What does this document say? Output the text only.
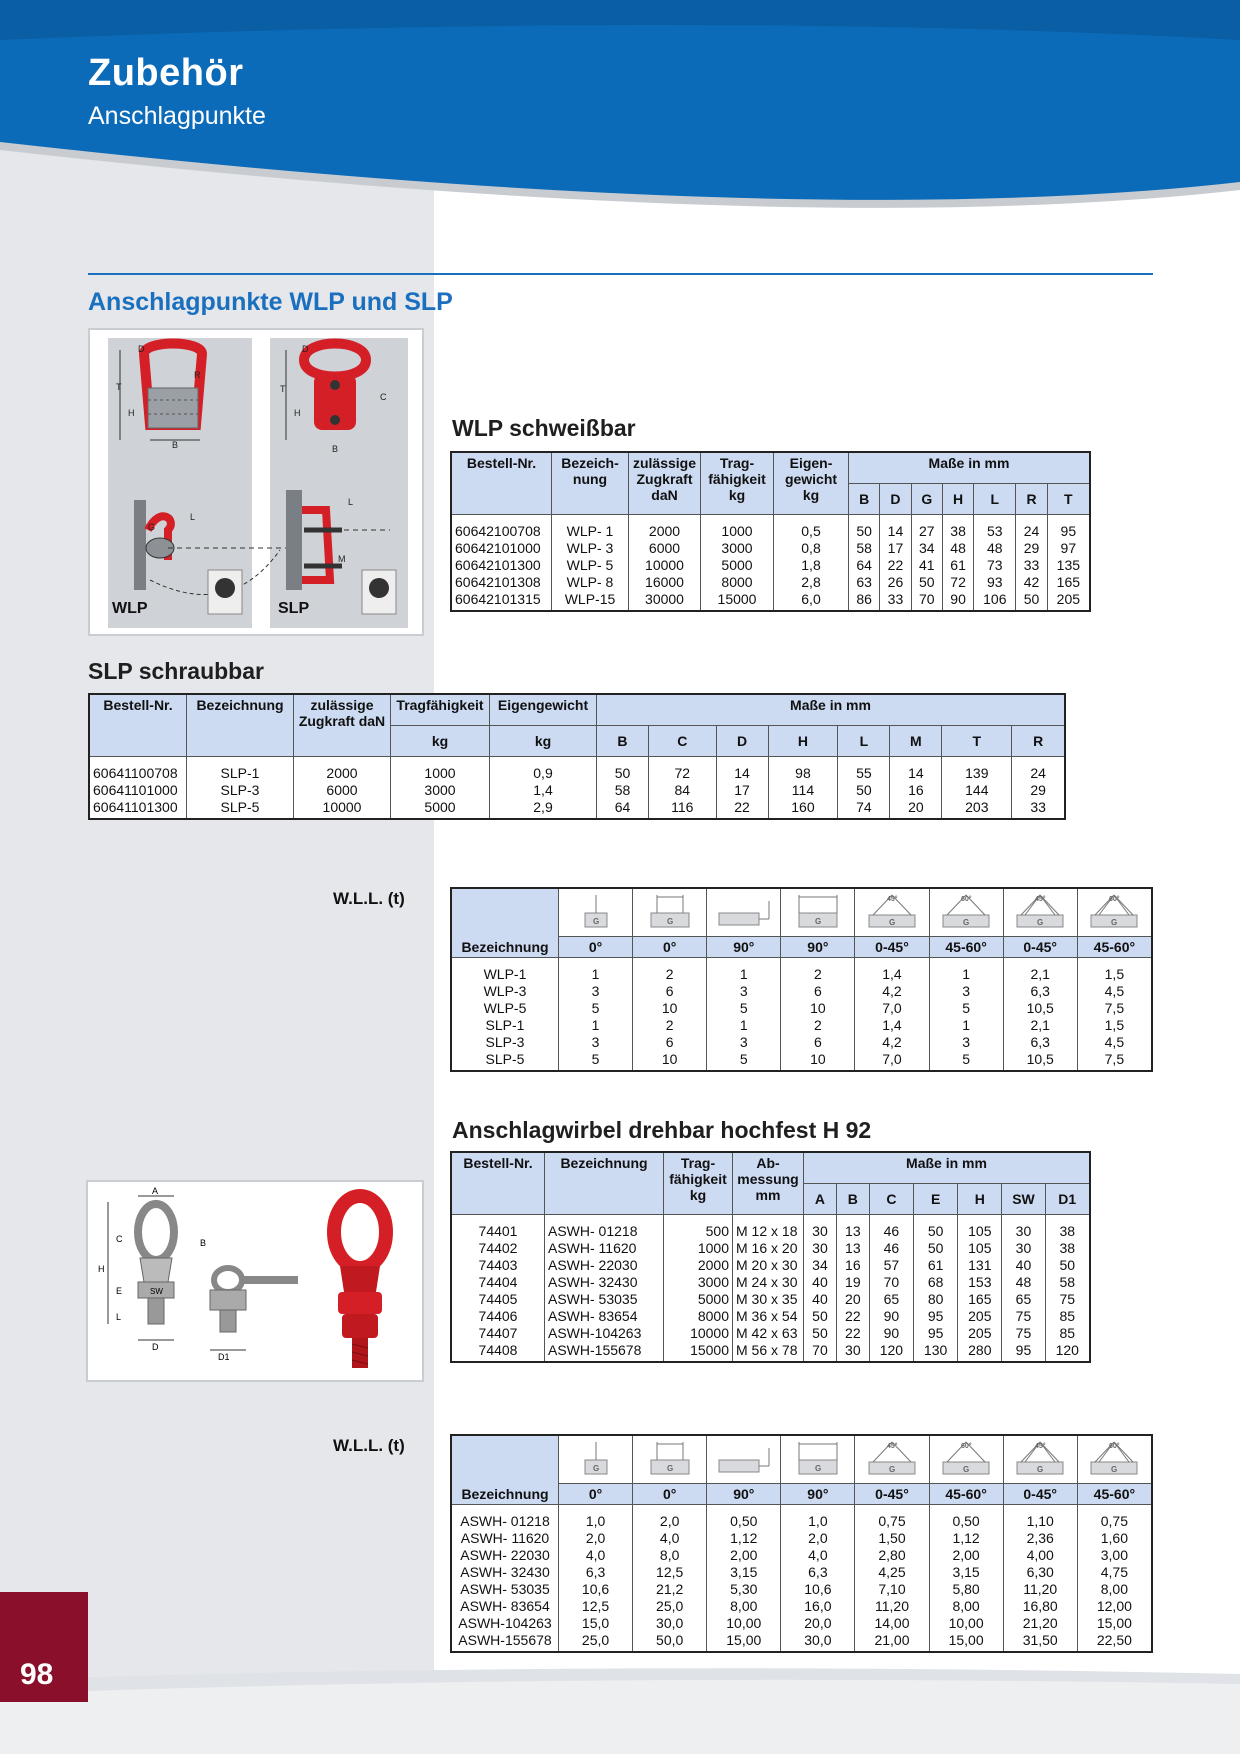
Zubehör
Anschlagpunkte
98
Anschlagpunkte WLP und SLP
T
H
B
D
R
L
G
T
H
C
B
D
L
M
WLP	SLP
WLP schweißbar
Bestell-Nr.	Bezeich-
nung	zulässige Zugkraft daN	Trag-
fähigkeit kg	Eigen-
gewicht kg	Maße in mm						
					B	D	G	H	L	R	T
60642100708	WLP- 1	2000	1000	0,5	50	14	27	38	53	24	95
60642101000	WLP- 3	6000	3000	0,8	58	17	34	48	48	29	97
60642101300	WLP- 5	10000	5000	1,8	64	22	41	61	73	33	135
60642101308	WLP- 8	16000	8000	2,8	63	26	50	72	93	42	165
60642101315	WLP-15	30000	15000	6,0	86	33	70	90	106	50	205
SLP schraubbar
Bestell-Nr.	Bezeichnung	zulässige Zugkraft daN	Tragfähigkeit	Eigengewicht	Maße in mm							
			kg	kg	B	C	D	H	L	M	T	R
60641100708	SLP-1	2000	1000	0,9	50	72	14	98	55	14	139	24
60641101000	SLP-3	6000	3000	1,4	58	84	17	114	50	16	144	29
60641101300	SLP-5	10000	5000	2,9	64	116	22	160	74	20	203	33
W.L.L. (t)
Bezeichnung	G	G		G	G
45°	G
60°	G
45°	G
60°

	0°	0°	90°	90°	0-45°	45-60°	0-45°	45-60°
WLP-1	1	2	1	2	1,4	1	2,1	1,5
WLP-3	3	6	3	6	4,2	3	6,3	4,5
WLP-5	5	10	5	10	7,0	5	10,5	7,5
SLP-1	1	2	1	2	1,4	1	2,1	1,5
SLP-3	3	6	3	6	4,2	3	6,3	4,5
SLP-5	5	10	5	10	7,0	5	10,5	7,5
Anschlagwirbel drehbar hochfest H 92
A
C	B
H
E
L
D
SW
D1
Bestell-Nr.	Bezeichnung	Trag-
fähigkeit kg	Ab-
messung mm	Maße in mm						
				A	B	C	E	H	SW	D1
74401	ASWH- 01218	500	M 12 x 18	30	13	46	50	105	30	38
74402	ASWH- 11620	1000	M 16 x 20	30	13	46	50	105	30	38
74403	ASWH- 22030	2000	M 20 x 30	34	16	57	61	131	40	50
74404	ASWH- 32430	3000	M 24 x 30	40	19	70	68	153	48	58
74405	ASWH- 53035	5000	M 30 x 35	40	20	65	80	165	65	75
74406	ASWH- 83654	8000	M 36 x 54	50	22	90	95	205	75	85
74407	ASWH-104263	10000	M 42 x 63	50	22	90	95	205	75	85
74408	ASWH-155678	15000	M 56 x 78	70	30	120	130	280	95	120
W.L.L. (t)
Bezeichnung	G	G		G	G
45°	G
60°	G
45°	G
60°

	0°	0°	90°	90°	0-45°	45-60°	0-45°	45-60°
ASWH- 01218	1,0	2,0	0,50	1,0	0,75	0,50	1,10	0,75
ASWH- 11620	2,0	4,0	1,12	2,0	1,50	1,12	2,36	1,60
ASWH- 22030	4,0	8,0	2,00	4,0	2,80	2,00	4,00	3,00
ASWH- 32430	6,3	12,5	3,15	6,3	4,25	3,15	6,30	4,75
ASWH- 53035	10,6	21,2	5,30	10,6	7,10	5,80	11,20	8,00
ASWH- 83654	12,5	25,0	8,00	16,0	11,20	8,00	16,80	12,00
ASWH-104263	15,0	30,0	10,00	20,0	14,00	10,00	21,20	15,00
ASWH-155678	25,0	50,0	15,00	30,0	21,00	15,00	31,50	22,50
